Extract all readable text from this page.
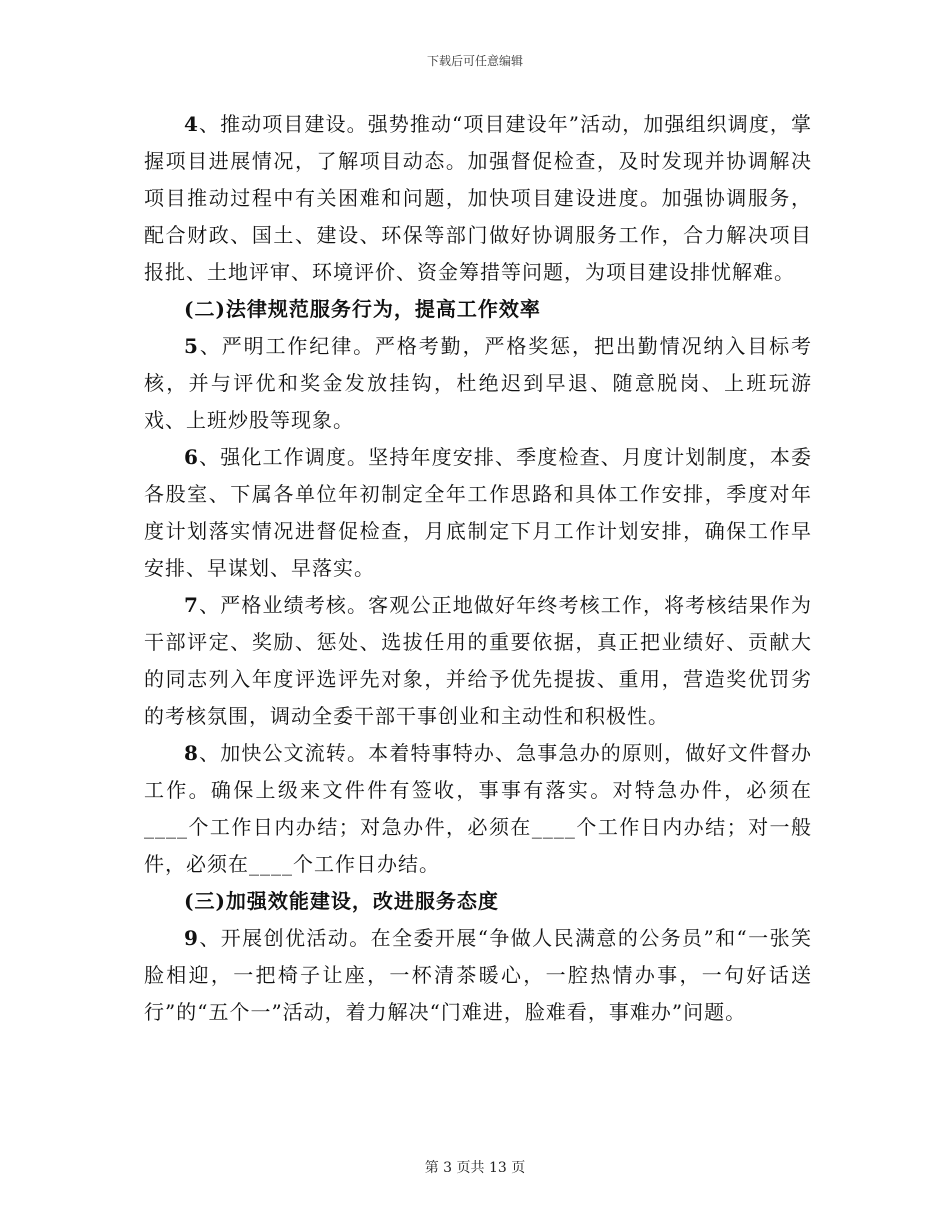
下载后可任意编辑

4、推动项目建设。强势推动“项目建设年”活动，加强组织调度，掌握项目进展情况，了解项目动态。加强督促检查，及时发现并协调解决项目推动过程中有关困难和问题，加快项目建设进度。加强协调服务，配合财政、国土、建设、环保等部门做好协调服务工作，合力解决项目报批、土地评审、环境评价、资金筹措等问题，为项目建设排忧解难。

(二)法律规范服务行为，提高工作效率

5、严明工作纪律。严格考勤，严格奖惩，把出勤情况纳入目标考核，并与评优和奖金发放挂钩，杜绝迟到早退、随意脱岗、上班玩游戏、上班炒股等现象。

6、强化工作调度。坚持年度安排、季度检查、月度计划制度，本委各股室、下属各单位年初制定全年工作思路和具体工作安排，季度对年度计划落实情况进督促检查，月底制定下月工作计划安排，确保工作早安排、早谋划、早落实。

7、严格业绩考核。客观公正地做好年终考核工作，将考核结果作为干部评定、奖励、惩处、选拔任用的重要依据，真正把业绩好、贡献大的同志列入年度评选评先对象，并给予优先提拔、重用，营造奖优罚劣的考核氛围，调动全委干部干事创业和主动性和积极性。

8、加快公文流转。本着特事特办、急事急办的原则，做好文件督办工作。确保上级来文件件有签收，事事有落实。对特急办件，必须在____个工作日内办结；对急办件，必须在____个工作日内办结；对一般件，必须在____个工作日办结。

(三)加强效能建设，改进服务态度

9、开展创优活动。在全委开展“争做人民满意的公务员”和“一张笑脸相迎，一把椅子让座，一杯清茶暖心，一腔热情办事，一句好话送行”的“五个一”活动，着力解决“门难进，脸难看，事难办”问题。

第 3 页共 13 页
